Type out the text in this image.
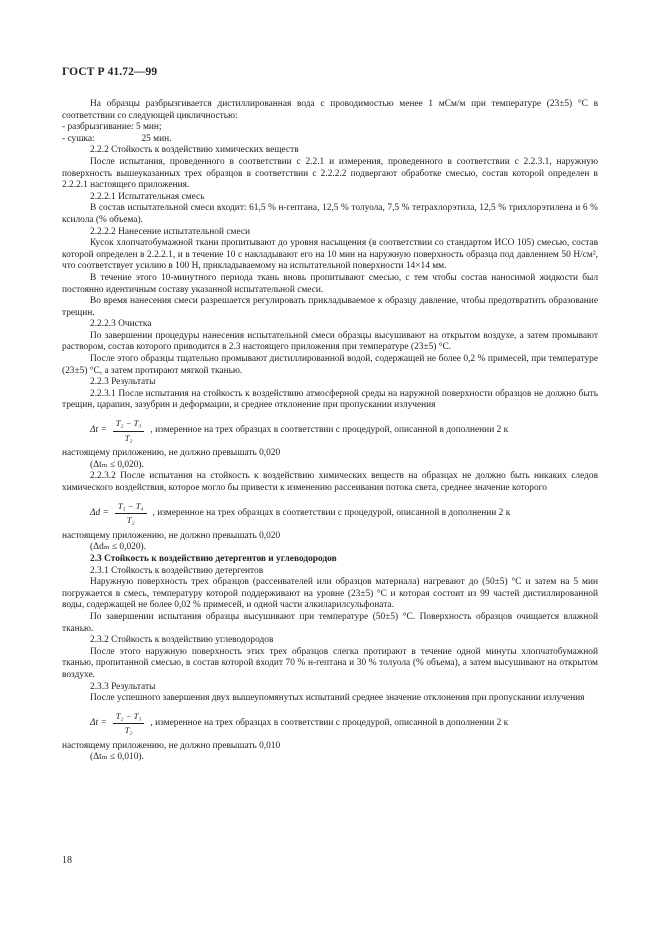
ГОСТ Р 41.72—99

На образцы разбрызгивается дистиллированная вода с проводимостью менее 1 мСм/м при температуре (23±5) °С в соответствии со следующей цикличностью:

- разбрызгивание: 5 мин;

- сушка:                    25 мин.

2.2.2 Стойкость к воздействию химических веществ

После испытания, проведенного в соответствии с 2.2.1 и измерения, проведенного в соответствии с 2.2.3.1, наружную поверхность вышеуказанных трех образцов в соответствии с 2.2.2.2 подвергают обработке смесью, состав которой определен в 2.2.2.1 настоящего приложения.

2.2.2.1 Испытательная смесь

В состав испытательной смеси входит: 61,5 % н-гептана, 12,5 % толуола, 7,5 % тетрахлорэтила, 12,5 % трихлорэтилена и 6 % ксилола (% объема).

2.2.2.2 Нанесение испытательной смеси

Кусок хлопчатобумажной ткани пропитывают до уровня насыщения (в соответствии со стандартом ИСО 105) смесью, состав которой определен в 2.2.2.1, и в течение 10 с накладывают его на 10 мин на наружную поверхность образца под давлением 50 Н/см², что соответствует усилию в 100 Н, прикладываемому на испытательной поверхности 14×14 мм.

В течение этого 10-минутного периода ткань вновь пропитывают смесью, с тем чтобы состав наносимой жидкости был постоянно идентичным составу указанной испытательной смеси.

Во время нанесения смеси разрешается регулировать прикладываемое к образцу давление, чтобы предотвратить образование трещин.

2.2.2.3 Очистка

По завершении процедуры нанесения испытательной смеси образцы высушивают на открытом воздухе, а затем промывают раствором, состав которого приводится в 2.3 настоящего приложения при температуре (23±5) °С.

После этого образцы тщательно промывают дистиллированной водой, содержащей не более 0,2 % примесей, при температуре (23±5) °С, а затем протирают мягкой тканью.

2.2.3 Результаты

2.2.3.1 После испытания на стойкость к воздействию атмосферной среды на наружной поверхности образцов не должно быть трещин, царапин, зазубрин и деформации, и среднее отклонение при пропускании излучения

$\Delta t = \frac{\text{T₂ − T₃}}{\text{T₂}}$ , измеренное на трех образцах в соответствии с процедурой, описанной в дополнении 2 к

настоящему приложению, не должно превышать 0,020

(Δtₘ ≤ 0,020).

2.2.3.2 После испытания на стойкость к воздействию химических веществ на образцах не должно быть никаких следов химического воздействия, которое могло бы привести к изменению рассеивания потока света, среднее значение которого

$\Delta d = \frac{\text{T₅ − T₄}}{\text{T₂}}$ , измеренное на трех образцах в соответствии с процедурой, описанной в дополнении 2 к

настоящему приложению, не должно превышать 0,020

(Δdₘ ≤ 0,020).

2.3 Стойкость к воздействию детергентов и углеводородов

2.3.1 Стойкость к воздействию детергентов

Наружную поверхность трех образцов (рассеивателей или образцов материала) нагревают до (50±5) °С и затем на 5 мин погружается в смесь, температуру которой поддерживают на уровне (23±5) °С и которая состоит из 99 частей дистиллированной воды, содержащей не более 0,02 % примесей, и одной части алкиларилсульфоната.

По завершении испытания образцы высушивают при температуре (50±5) °С. Поверхность образцов очищается влажной тканью.

2.3.2 Стойкость к воздействию углеводородов

После этого наружную поверхность этих трех образцов слегка протирают в течение одной минуты хлопчатобумажной тканью, пропитанной смесью, в состав которой входит 70 % н-гептана и 30 % толуола (% объема), а затем высушивают на открытом воздухе.

2.3.3 Результаты

После успешного завершения двух вышеупомянутых испытаний среднее значение отклонения при пропускании излучения

$\Delta t = \frac{\text{T₂ − T₃}}{\text{T₂}}$ , измеренное на трех образцах в соответствии с процедурой, описанной в дополнении 2 к

настоящему приложению, не должно превышать 0,010

(Δtₘ ≤ 0,010).

18
